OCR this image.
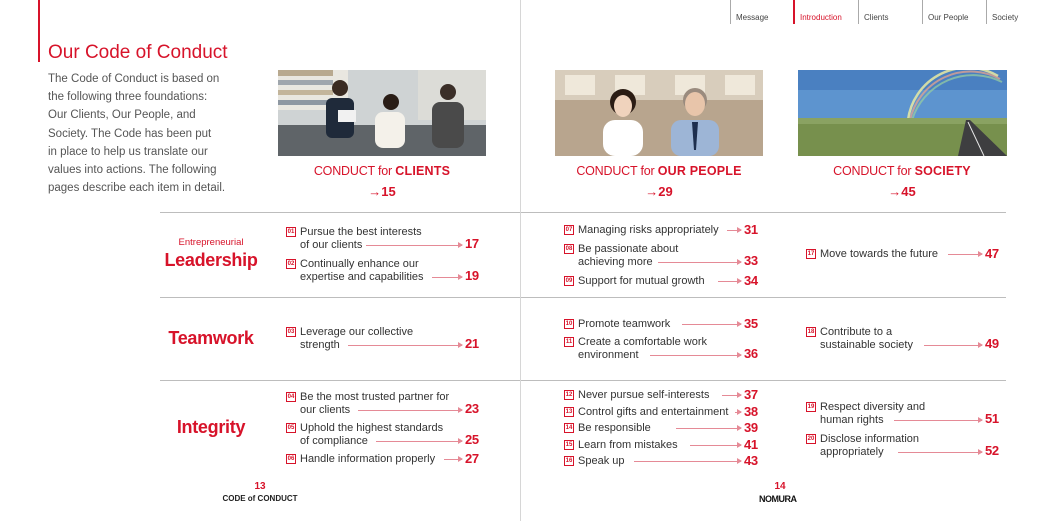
Our Code of Conduct
The Code of Conduct is based on
the following three foundations:
Our Clients, Our People, and
Society. The Code has been put
in place to help us translate our
values into actions. The following
pages describe each item in detail.
CONDUCT for CLIENTS
→15
Entrepreneurial
Leadership
Teamwork
Integrity
01 Pursue the best interests
of our clients	17
02 Continually enhance our
expertise and capabilities	19
03 Leverage our collective
strength	21
04 Be the most trusted partner for
our clients	23
05 Uphold the highest standards
of compliance	25
06 Handle information properly 27
13
CODE of CONDUCT
Message	Introduction	Clients	Our People	Society
CONDUCT for OUR PEOPLE
→29
CONDUCT for SOCIETY
→45
07 Managing risks appropriately 31
08 Be passionate about
achieving more	33
09 Support for mutual growth	34
10 Promote teamwork	35
11 Create a comfortable work
environment	36
12 Never pursue self-interests	37
13 Control gifts and entertainment 38
14 Be responsible	39
15 Learn from mistakes	41
16 Speak up	43
17 Move towards the future	47
18 Contribute to a
sustainable society	49
19 Respect diversity and
human rights	51
20 Disclose information
appropriately	52
14
NOMURA
